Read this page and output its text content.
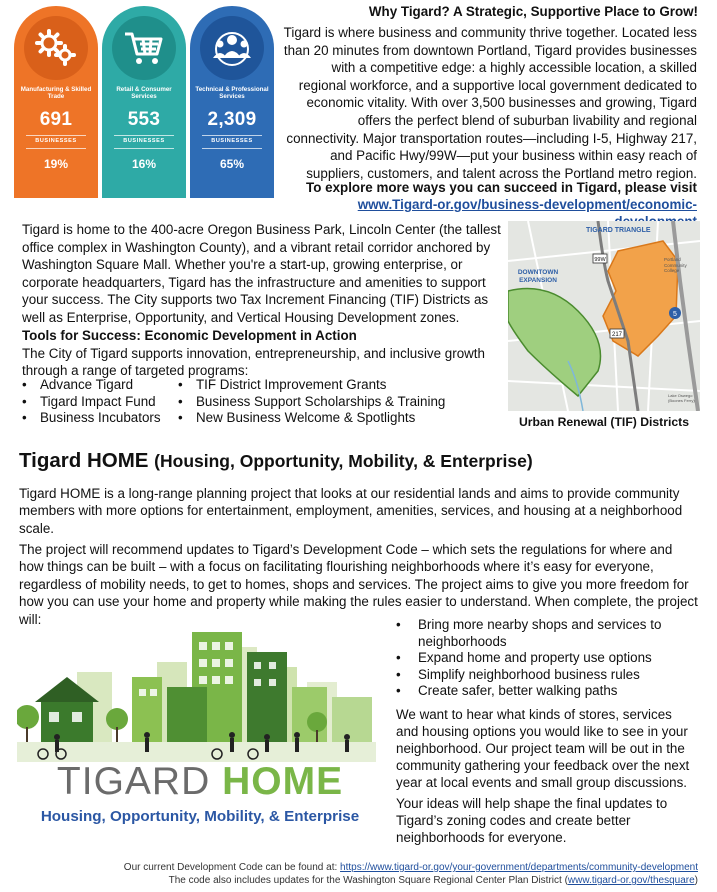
Manufacturing & Skilled Trade
691
BUSINESSES
19%
Retail & Consumer Services
553
BUSINESSES
16%
Technical & Professional Services
2,309
BUSINESSES
65%
Why Tigard? A Strategic, Supportive Place to Grow!
Tigard is where business and community thrive together. Located less than 20 minutes from downtown Portland, Tigard provides businesses with a competitive edge: a highly accessible location, a skilled regional workforce, and a supportive local government dedicated to economic vitality. With over 3,500 businesses and growing, Tigard offers the perfect blend of suburban livability and regional connectivity. Major transportation routes—including I-5, Highway 217, and Pacific Hwy/99W—put your business within easy reach of suppliers, customers, and talent across the Portland metro region.
To explore more ways you can succeed in Tigard, please visit
www.Tigard-or.gov/business-development/economic-
Tigard is home to the 400-acre Oregon Business Park, Lincoln Center (the tallest office complex in Washington County), and a vibrant retail corridor anchored by Washington Square Mall. Whether you're a start-up, growing enterprise, or corporate headquarters, Tigard has the infrastructure and amenities to support your success. The City supports two Tax Increment Financing (TIF) Districts as well as Enterprise, Opportunity, and Vertical Housing Development zones.
Tools for Success: Economic Development in Action
The City of Tigard supports innovation, entrepreneurship, and inclusive growth through a range of targeted programs:
• Advance Tigard
• Tigard Impact Fund
• Business Incubators
• TIF District Improvement Grants
• Business Support Scholarships & Training
• New Business Welcome & Spotlights
99W
217
5
TIGARD TRIANGLE
DOWNTOWN EXPANSION
Portland Community College
Lake Oswego (Boones Ferry)
Urban Renewal (TIF) Districts
Tigard HOME (Housing, Opportunity, Mobility, & Enterprise)
Tigard HOME is a long-range planning project that looks at our residential lands and aims to provide community members with more options for entertainment, employment, amenities, services, and housing at a neighborhood scale.
The project will recommend updates to Tigard’s Development Code – which sets the regulations for where and how things can be built – with a focus on facilitating flourishing neighborhoods where it’s easy for everyone, regardless of mobility needs, to get to homes, shops and services. The project aims to give you more freedom for how you can use your home and property while making the rules easier to understand. When complete, the project will:
TIGARD HOME
Housing, Opportunity, Mobility, & Enterprise
•	Bring more nearby shops and services to neighborhoods
•	Expand home and property use options
•	Simplify neighborhood business rules
•	Create safer, better walking paths
We want to hear what kinds of stores, services and housing options you would like to see in your neighborhood. Our project team will be out in the community gathering your feedback over the next year at local events and small group discussions.
Your ideas will help shape the final updates to Tigard’s zoning codes and create better neighborhoods for everyone.
Our current Development Code can be found at: https://www.tigard-or.gov/your-government/departments/community-development
The code also includes updates for the Washington Square Regional Center Plan District (www.tigard-or.gov/thesquare)
